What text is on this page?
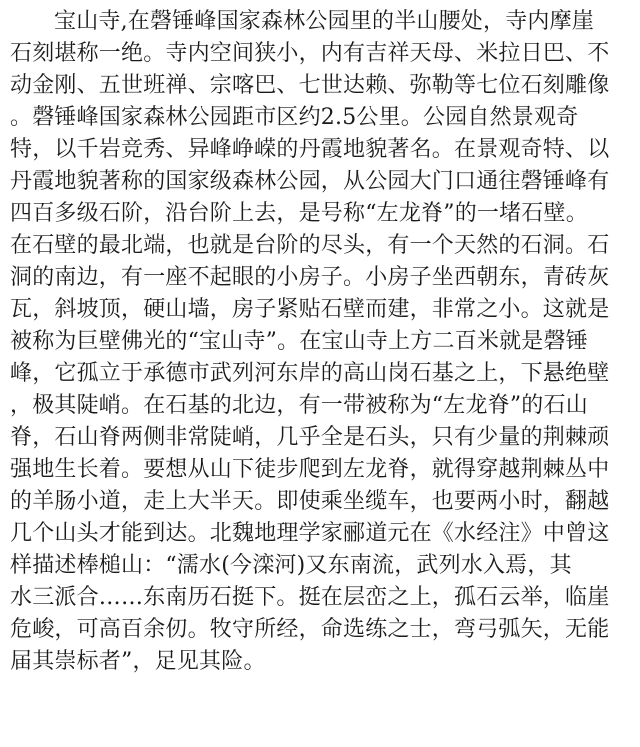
宝山寺,在磬锤峰国家森林公园里的半山腰处，寺内摩崖
石刻堪称一绝。寺内空间狭小，内有吉祥天母、米拉日巴、不
动金刚、五世班禅、宗喀巴、七世达赖、弥勒等七位石刻雕像
。磬锤峰国家森林公园距市区约2.5公里。公园自然景观奇
特，以千岩竞秀、异峰峥嵘的丹霞地貌著名。在景观奇特、以
丹霞地貌著称的国家级森林公园，从公园大门口通往磬锤峰有
四百多级石阶，沿台阶上去，是号称“左龙脊”的一堵石壁。
在石壁的最北端，也就是台阶的尽头，有一个天然的石洞。石
洞的南边，有一座不起眼的小房子。小房子坐西朝东，青砖灰
瓦，斜坡顶，硬山墙，房子紧贴石壁而建，非常之小。这就是
被称为巨壁佛光的“宝山寺”。在宝山寺上方二百米就是磬锤
峰，它孤立于承德市武列河东岸的高山岗石基之上，下悬绝壁
，极其陡峭。在石基的北边，有一带被称为“左龙脊”的石山
脊，石山脊两侧非常陡峭，几乎全是石头，只有少量的荆棘顽
强地生长着。要想从山下徒步爬到左龙脊，就得穿越荆棘丛中
的羊肠小道，走上大半天。即使乘坐缆车，也要两小时，翻越
几个山头才能到达。北魏地理学家郦道元在《水经注》中曾这
样描述棒槌山：“濡水(今滦河)又东南流，武列水入焉，其
水三派合……东南历石挺下。挺在层峦之上，孤石云举，临崖
危峻，可高百余仞。牧守所经，命选练之士，弯弓弧矢，无能
届其崇标者”，足见其险。
